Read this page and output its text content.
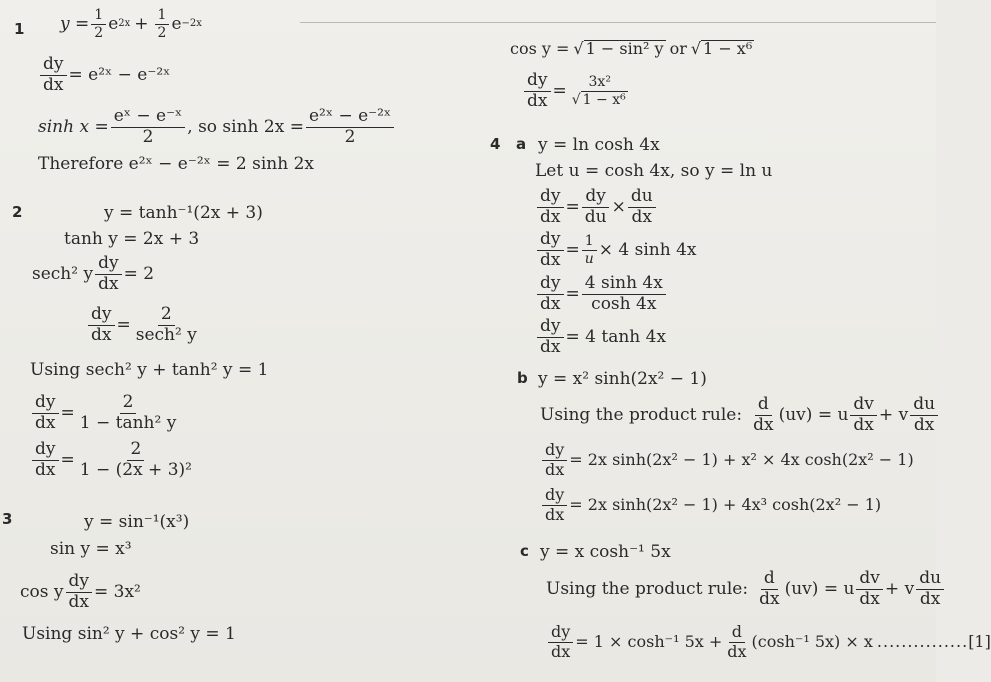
1 $y = \frac{1}{2}$ e $2x + \frac{1}{2}$ e −2x
$\frac{dy}{dx}$ = e²ˣ − e⁻²ˣ
$\sinh x = \frac{\text{eˣ − e⁻ˣ}}{2}$ , so $\sinh 2x = \frac{\text{e²ˣ − e⁻²ˣ}}{2}$
Therefore e²ˣ − e⁻²ˣ = 2 sinh 2x
2	y = tanh⁻¹(2x + 3)
tanh y = 2x + 3
sech² y $\frac{dy}{dx} = 2$
$\frac{dy}{dx} = \frac{2}{\text{sech² y}}$
Using sech² y + tanh² y = 1
$\frac{dy}{dx} = \frac{2}{\text{1 − tanh² y}}$
$\frac{dy}{dx} = \frac{2}{\text{1 − (2x + 3)²}}$
3	y = sin⁻¹(x³)
sin y = x³
cos y $\frac{dy}{dx} = 3x^2$
Using sin² y + cos² y = 1
cos y = √ 1 − sin² y or √ 1 − x⁶
$\frac{dy}{dx} = \frac{\text{3x²}}{\text{√ 1 − x⁶}}$
4 a y = ln cosh 4x
Let u = cosh 4x, so y = ln u
$\frac{dy}{dx} = \frac{dy}{du} \times \frac{du}{dx}$
$\frac{dy}{dx} = \frac{1}{u} \times 4$ sinh 4x
$\frac{dy}{dx} = \frac{4 \sinh 4x}{\cosh 4x}$
$\frac{dy}{dx} = 4$ tanh 4x
b y = x² sinh(2x² − 1)
Using the product rule: $\frac{d}{dx} (uv) = u \frac{dv}{dx} + v \frac{du}{dx}$
$\frac{dy}{dx} = 2x$ sinh(2x² − 1) + x² × 4x cosh(2x² − 1)
$\frac{dy}{dx} = 2x$ sinh(2x² − 1) + 4x³ cosh(2x² − 1)
c y = x cosh⁻¹ 5x
Using the product rule: $\frac{d}{dx} (uv) = u \frac{dv}{dx} + v \frac{du}{dx}$
$\frac{dy}{dx} = 1 \times \cosh^{-1}$ $5x + \frac{d}{dx} (\cosh^{-1}$ 5x) × x ............... [1]
